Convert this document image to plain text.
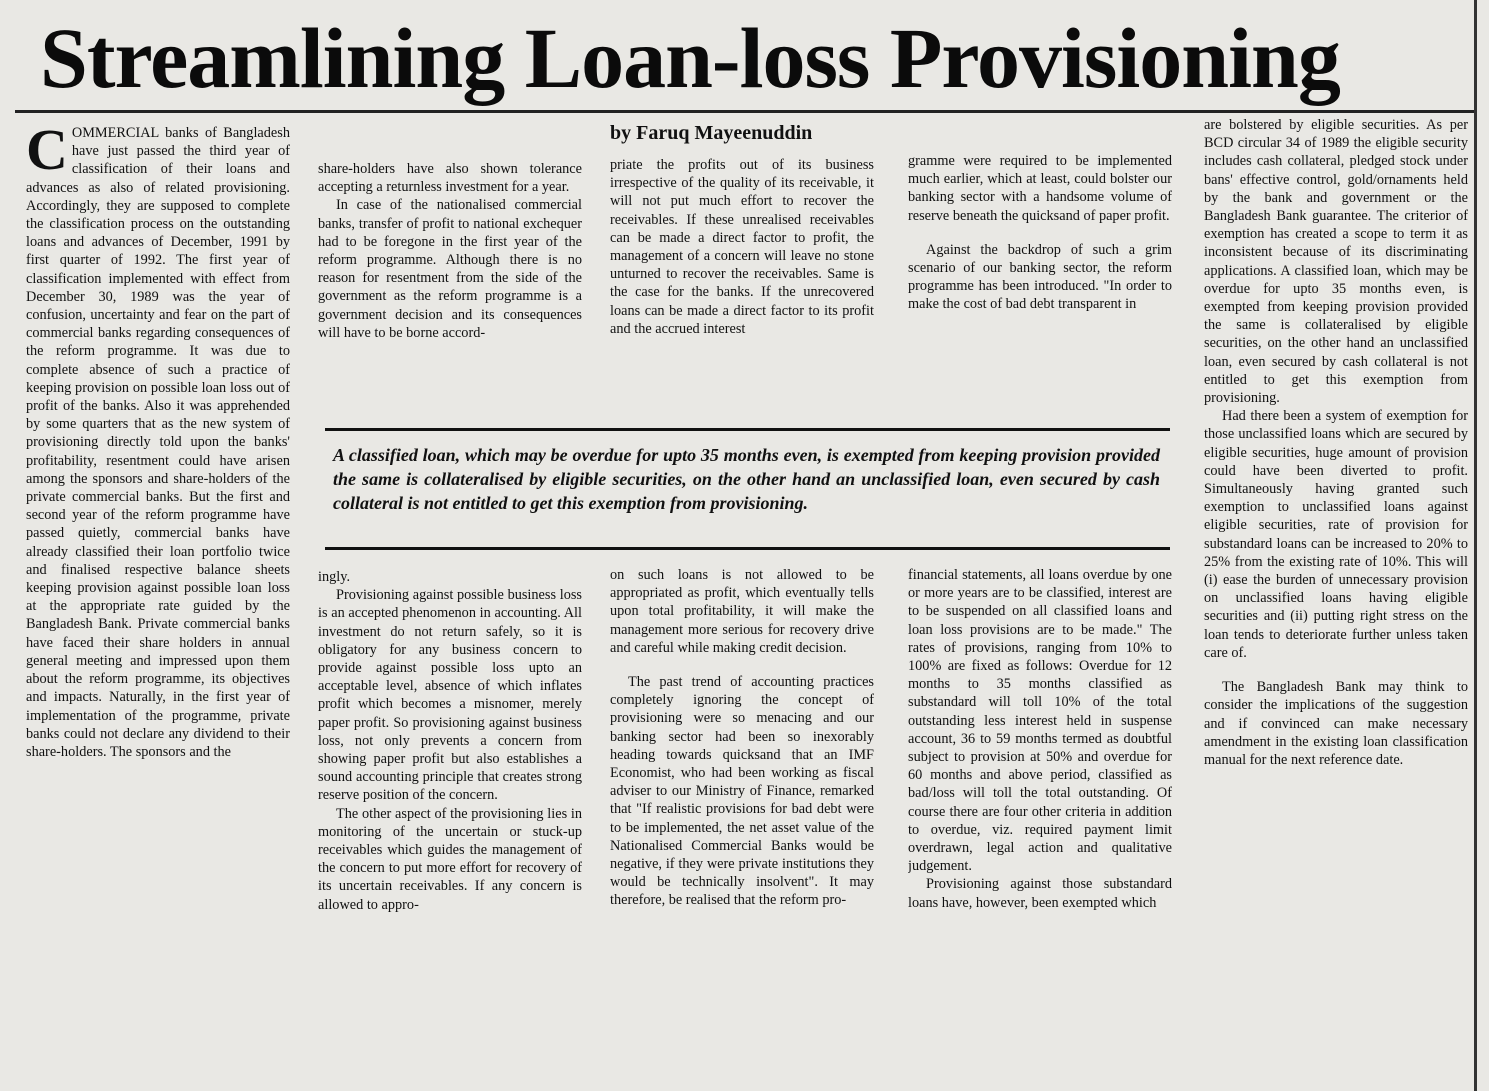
Streamlining Loan-loss Provisioning
by Faruq Mayeenuddin

COMMERCIAL banks of Bangladesh have just passed the third year of classification of their loans and advances as also of related provisioning. Accordingly, they are supposed to complete the classification process on the outstanding loans and advances of December, 1991 by first quarter of 1992. The first year of classification implemented with effect from December 30, 1989 was the year of confusion, uncertainty and fear on the part of commercial banks regarding consequences of the reform programme. It was due to complete absence of such a practice of keeping provision on possible loan loss out of profit of the banks. Also it was apprehended by some quarters that as the new system of provisioning directly told upon the banks' profitability, resentment could have arisen among the sponsors and share-holders of the private commercial banks. But the first and second year of the reform programme have passed quietly, commercial banks have already classified their loan portfolio twice and finalised respective balance sheets keeping provision against possible loan loss at the appropriate rate guided by the Bangladesh Bank. Private commercial banks have faced their share holders in annual general meeting and impressed upon them about the reform programme, its objectives and impacts. Naturally, in the first year of implementation of the programme, private banks could not declare any dividend to their share-holders. The sponsors and the

share-holders have also shown tolerance accepting a returnless investment for a year.

In case of the nationalised commercial banks, transfer of profit to national exchequer had to be foregone in the first year of the reform programme. Although there is no reason for resentment from the side of the government as the reform programme is a government decision and its consequences will have to be borne accord-

priate the profits out of its business irrespective of the quality of its receivable, it will not put much effort to recover the receivables. If these unrealised receivables can be made a direct factor to profit, the management of a concern will leave no stone unturned to recover the receivables. Same is the case for the banks. If the unrecovered loans can be made a direct factor to its profit and the accrued interest

gramme were required to be implemented much earlier, which at least, could bolster our banking sector with a handsome volume of reserve beneath the quicksand of paper profit.

Against the backdrop of such a grim scenario of our banking sector, the reform programme has been introduced. "In order to make the cost of bad debt transparent in

A classified loan, which may be overdue for upto 35 months even, is exempted from keeping provision provided the same is collateralised by eligible securities, on the other hand an unclassified loan, even secured by cash collateral is not entitled to get this exemption from provisioning.

ingly.

Provisioning against possible business loss is an accepted phenomenon in accounting. All investment do not return safely, so it is obligatory for any business concern to provide against possible loss upto an acceptable level, absence of which inflates profit which becomes a misnomer, merely paper profit. So provisioning against business loss, not only prevents a concern from showing paper profit but also establishes a sound accounting principle that creates strong reserve position of the concern.

The other aspect of the provisioning lies in monitoring of the uncertain or stuck-up receivables which guides the management of the concern to put more effort for recovery of its uncertain receivables. If any concern is allowed to appro-

on such loans is not allowed to be appropriated as profit, which eventually tells upon total profitability, it will make the management more serious for recovery drive and careful while making credit decision.

The past trend of accounting practices completely ignoring the concept of provisioning were so menacing and our banking sector had been so inexorably heading towards quicksand that an IMF Economist, who had been working as fiscal adviser to our Ministry of Finance, remarked that "If realistic provisions for bad debt were to be implemented, the net asset value of the Nationalised Commercial Banks would be negative, if they were private institutions they would be technically insolvent". It may therefore, be realised that the reform pro-

financial statements, all loans overdue by one or more years are to be classified, interest are to be suspended on all classified loans and loan loss provisions are to be made." The rates of provisions, ranging from 10% to 100% are fixed as follows: Overdue for 12 months to 35 months classified as substandard will toll 10% of the total outstanding less interest held in suspense account, 36 to 59 months termed as doubtful subject to provision at 50% and overdue for 60 months and above period, classified as bad/loss will toll the total outstanding. Of course there are four other criteria in addition to overdue, viz. required payment limit overdrawn, legal action and qualitative judgement.

Provisioning against those substandard loans have, however, been exempted which

are bolstered by eligible securities. As per BCD circular 34 of 1989 the eligible security includes cash collateral, pledged stock under bans' effective control, gold/ornaments held by the bank and government or the Bangladesh Bank guarantee. The criterior of exemption has created a scope to term it as inconsistent because of its discriminating applications. A classified loan, which may be overdue for upto 35 months even, is exempted from keeping provision provided the same is collateralised by eligible securities, on the other hand an unclassified loan, even secured by cash collateral is not entitled to get this exemption from provisioning.

Had there been a system of exemption for those unclassified loans which are secured by eligible securities, huge amount of provision could have been diverted to profit. Simultaneously having granted such exemption to unclassified loans against eligible securities, rate of provision for substandard loans can be increased to 20% to 25% from the existing rate of 10%. This will (i) ease the burden of unnecessary provision on unclassified loans having eligible securities and (ii) putting right stress on the loan tends to deteriorate further unless taken care of.

The Bangladesh Bank may think to consider the implications of the suggestion and if convinced can make necessary amendment in the existing loan classification manual for the next reference date.
